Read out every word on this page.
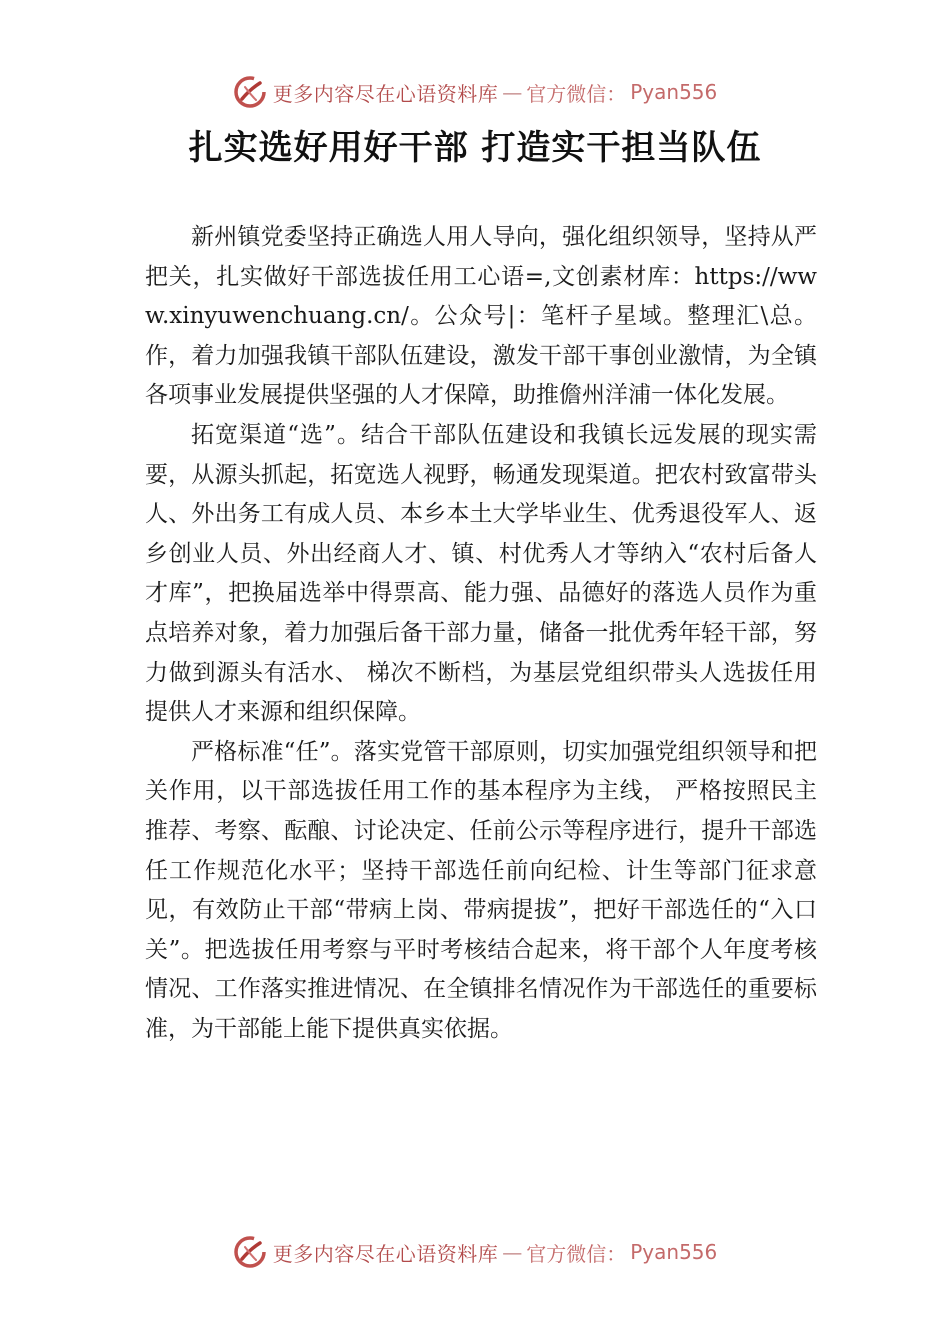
更多内容尽在心语资料库 — 官方微信： Pyan556
扎实选好用好干部 打造实干担当队伍

新州镇党委坚持正确选人用人导向，强化组织领导，坚持从严把关，扎实做好干部选拔任用工心语=,文创素材库：https://www.xinyuwenchuang.cn/。公众号|：笔杆子星域。整理汇\总。作，着力加强我镇干部队伍建设，激发干部干事创业激情，为全镇各项事业发展提供坚强的人才保障，助推儋州洋浦一体化发展。

拓宽渠道“选”。结合干部队伍建设和我镇长远发展的现实需要，从源头抓起，拓宽选人视野，畅通发现渠道。把农村致富带头人、外出务工有成人员、本乡本土大学毕业生、优秀退役军人、返乡创业人员、外出经商人才、镇、村优秀人才等纳入“农村后备人才库”，把换届选举中得票高、能力强、品德好的落选人员作为重点培养对象，着力加强后备干部力量，储备一批优秀年轻干部，努力做到源头有活水、 梯次不断档，为基层党组织带头人选拔任用提供人才来源和组织保障。

严格标准“任”。落实党管干部原则，切实加强党组织领导和把关作用，以干部选拔任用工作的基本程序为主线， 严格按照民主推荐、考察、酝酿、讨论决定、任前公示等程序进行，提升干部选任工作规范化水平；坚持干部选任前向纪检、计生等部门征求意见，有效防止干部“带病上岗、带病提拔”，把好干部选任的“入口关”。把选拔任用考察与平时考核结合起来，将干部个人年度考核情况、工作落实推进情况、在全镇排名情况作为干部选任的重要标准，为干部能上能下提供真实依据。

更多内容尽在心语资料库 — 官方微信： Pyan556
